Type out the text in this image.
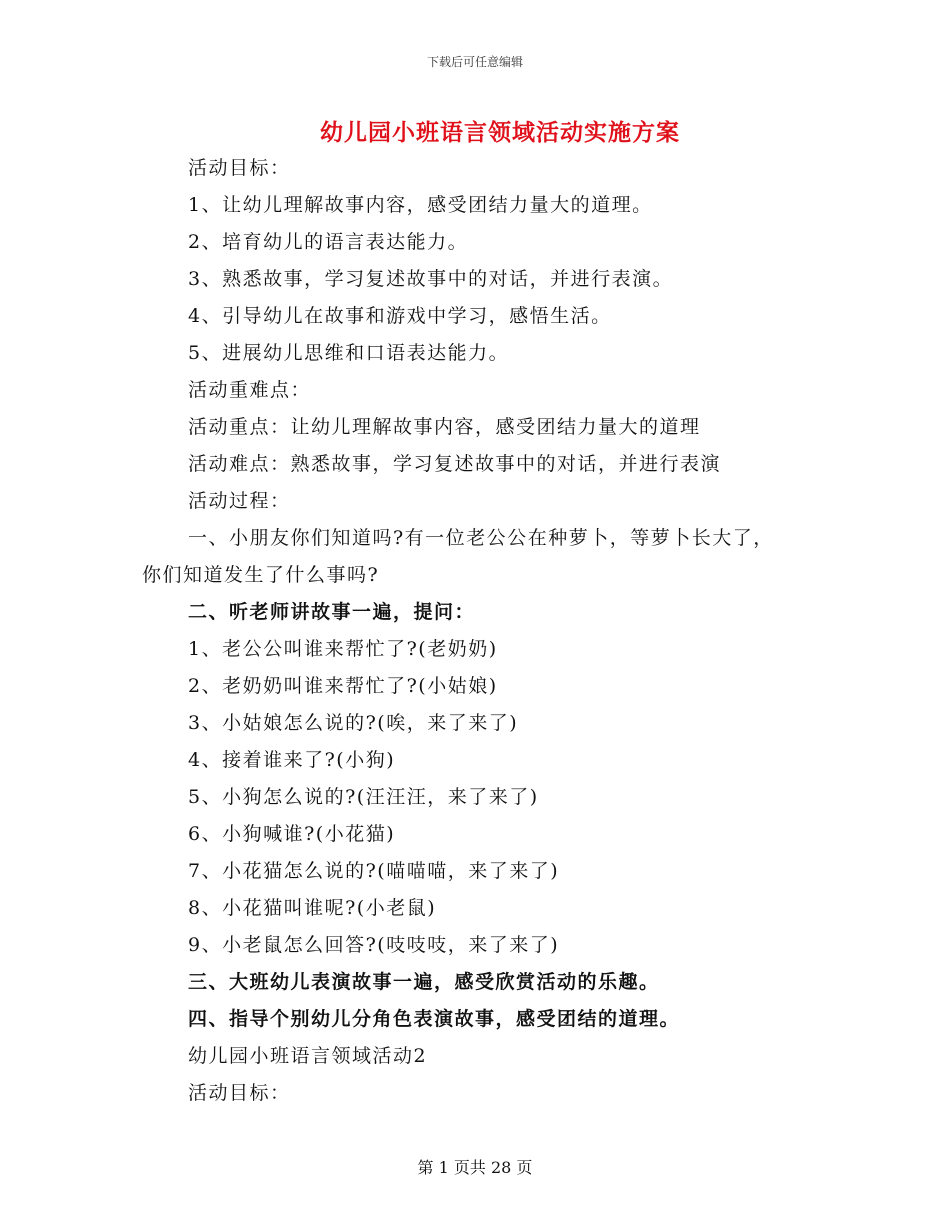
下载后可任意编辑
幼儿园小班语言领域活动实施方案
活动目标：
1、让幼儿理解故事内容，感受团结力量大的道理。
2、培育幼儿的语言表达能力。
3、熟悉故事，学习复述故事中的对话，并进行表演。
4、引导幼儿在故事和游戏中学习，感悟生活。
5、进展幼儿思维和口语表达能力。
活动重难点：
活动重点：让幼儿理解故事内容，感受团结力量大的道理
活动难点：熟悉故事，学习复述故事中的对话，并进行表演
活动过程：
一、小朋友你们知道吗?有一位老公公在种萝卜，等萝卜长大了，
你们知道发生了什么事吗?
二、听老师讲故事一遍，提问：
1、老公公叫谁来帮忙了?(老奶奶)
2、老奶奶叫谁来帮忙了?(小姑娘)
3、小姑娘怎么说的?(唉，来了来了)
4、接着谁来了?(小狗)
5、小狗怎么说的?(汪汪汪，来了来了)
6、小狗喊谁?(小花猫)
7、小花猫怎么说的?(喵喵喵，来了来了)
8、小花猫叫谁呢?(小老鼠)
9、小老鼠怎么回答?(吱吱吱，来了来了)
三、大班幼儿表演故事一遍，感受欣赏活动的乐趣。
四、指导个别幼儿分角色表演故事，感受团结的道理。
幼儿园小班语言领域活动2
活动目标：
第 1 页共 28 页
